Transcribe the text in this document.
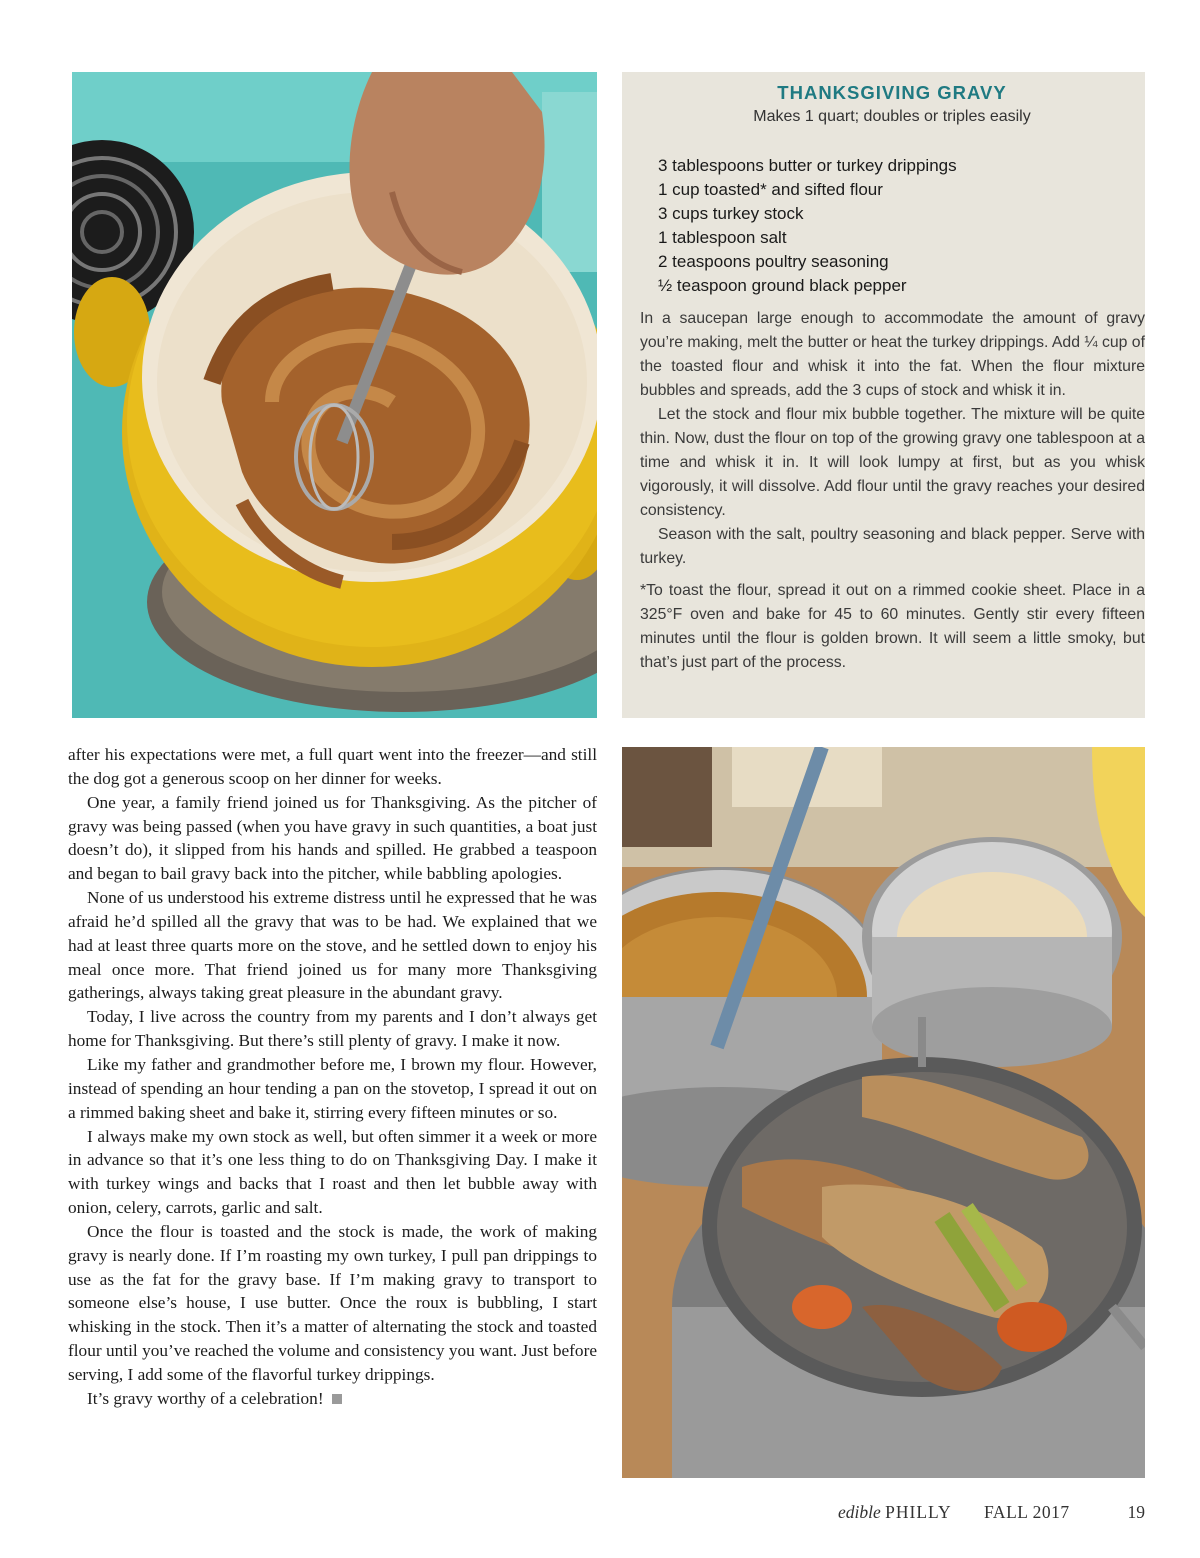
THANKSGIVING GRAVY
Makes 1 quart; doubles or triples easily
3 tablespoons butter or turkey drippings
1 cup toasted* and sifted flour
3 cups turkey stock
1 tablespoon salt
2 teaspoons poultry seasoning
½ teaspoon ground black pepper

In a saucepan large enough to accommodate the amount of gravy you’re making, melt the butter or heat the turkey drippings. Add ¼ cup of the toasted flour and whisk it into the fat. When the flour mixture bubbles and spreads, add the 3 cups of stock and whisk it in.

Let the stock and flour mix bubble together. The mixture will be quite thin. Now, dust the flour on top of the growing gravy one tablespoon at a time and whisk it in. It will look lumpy at first, but as you whisk vigorously, it will dissolve. Add flour until the gravy reaches your desired consistency.

Season with the salt, poultry seasoning and black pepper. Serve with turkey.

*To toast the flour, spread it out on a rimmed cookie sheet. Place in a 325°F oven and bake for 45 to 60 minutes. Gently stir every fifteen minutes until the flour is golden brown. It will seem a little smoky, but that’s just part of the process.

after his expectations were met, a full quart went into the freezer—and still the dog got a generous scoop on her dinner for weeks.

One year, a family friend joined us for Thanksgiving. As the pitcher of gravy was being passed (when you have gravy in such quantities, a boat just doesn’t do), it slipped from his hands and spilled. He grabbed a teaspoon and began to bail gravy back into the pitcher, while babbling apologies.

None of us understood his extreme distress until he expressed that he was afraid he’d spilled all the gravy that was to be had. We explained that we had at least three quarts more on the stove, and he settled down to enjoy his meal once more. That friend joined us for many more Thanksgiving gatherings, always taking great pleasure in the abundant gravy.

Today, I live across the country from my parents and I don’t always get home for Thanksgiving. But there’s still plenty of gravy. I make it now.

Like my father and grandmother before me, I brown my flour. However, instead of spending an hour tending a pan on the stovetop, I spread it out on a rimmed baking sheet and bake it, stirring every fifteen minutes or so.

I always make my own stock as well, but often simmer it a week or more in advance so that it’s one less thing to do on Thanksgiving Day. I make it with turkey wings and backs that I roast and then let bubble away with onion, celery, carrots, garlic and salt.

Once the flour is toasted and the stock is made, the work of making gravy is nearly done. If I’m roasting my own turkey, I pull pan drippings to use as the fat for the gravy base. If I’m making gravy to transport to someone else’s house, I use butter. Once the roux is bubbling, I start whisking in the stock. Then it’s a matter of alternating the stock and toasted flour until you’ve reached the volume and consistency you want. Just before serving, I add some of the flavorful turkey drippings.

It’s gravy worthy of a celebration!

edible PHILLY FALL 2017	19
